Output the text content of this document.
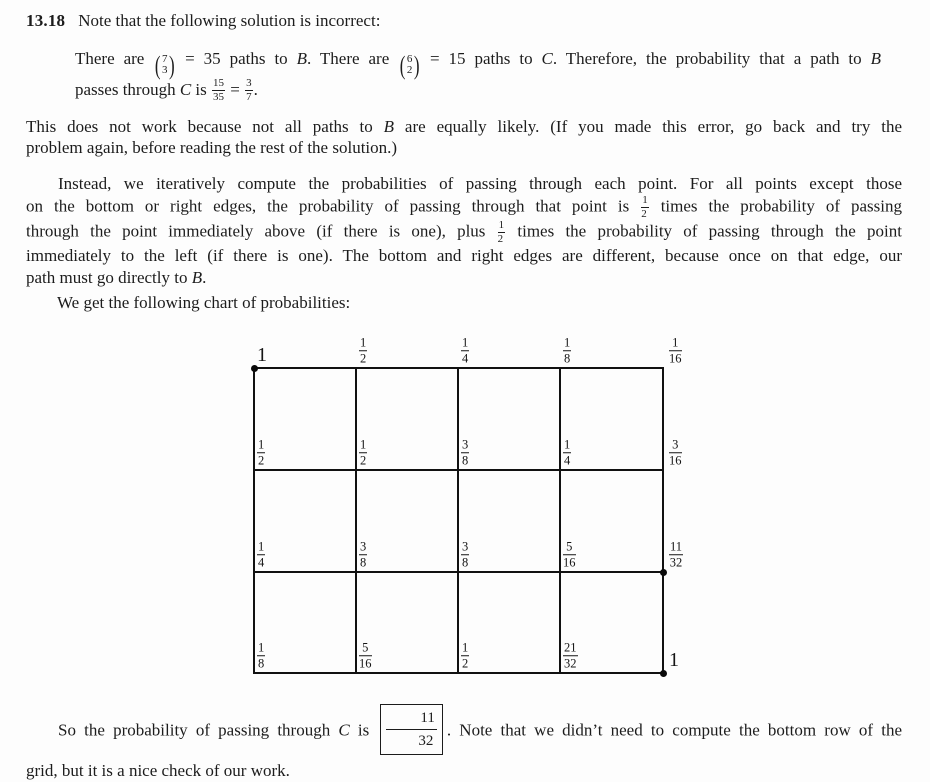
13.18 Note that the following solution is incorrect:
There are ( 7
3 ) = 35 paths to B. There are ( 6
2 ) = 15 paths to C. Therefore, the probability that a path to B
passes through C is $\frac{15}{35} = \frac{3}{7}$ .
This does not work because not all paths to B are equally likely. (If you made this error, go back and try the
problem again, before reading the rest of the solution.)
Instead, we iteratively compute the probabilities of passing through each point. For all points except those
on the bottom or right edges, the probability of passing through that point is $\frac{1}{2}$ times the probability of passing
through the point immediately above (if there is one), plus $\frac{1}{2}$ times the probability of passing through the point
immediately to the left (if there is one). The bottom and right edges are different, because once on that edge, our
path must go directly to B.
We get the following chart of probabilities:
1
1
2
1
4
1
8
1
16
1
2
1
2
3
8
1
4
3
16
1
4
3
8
3
8
5
16
11
32
1
8
5
16
1
2
21
32	1
So the probability of passing through C is $\frac{11}{32}$ . Note that we didn’t need to compute the bottom row of the
grid, but it is a nice check of our work.
